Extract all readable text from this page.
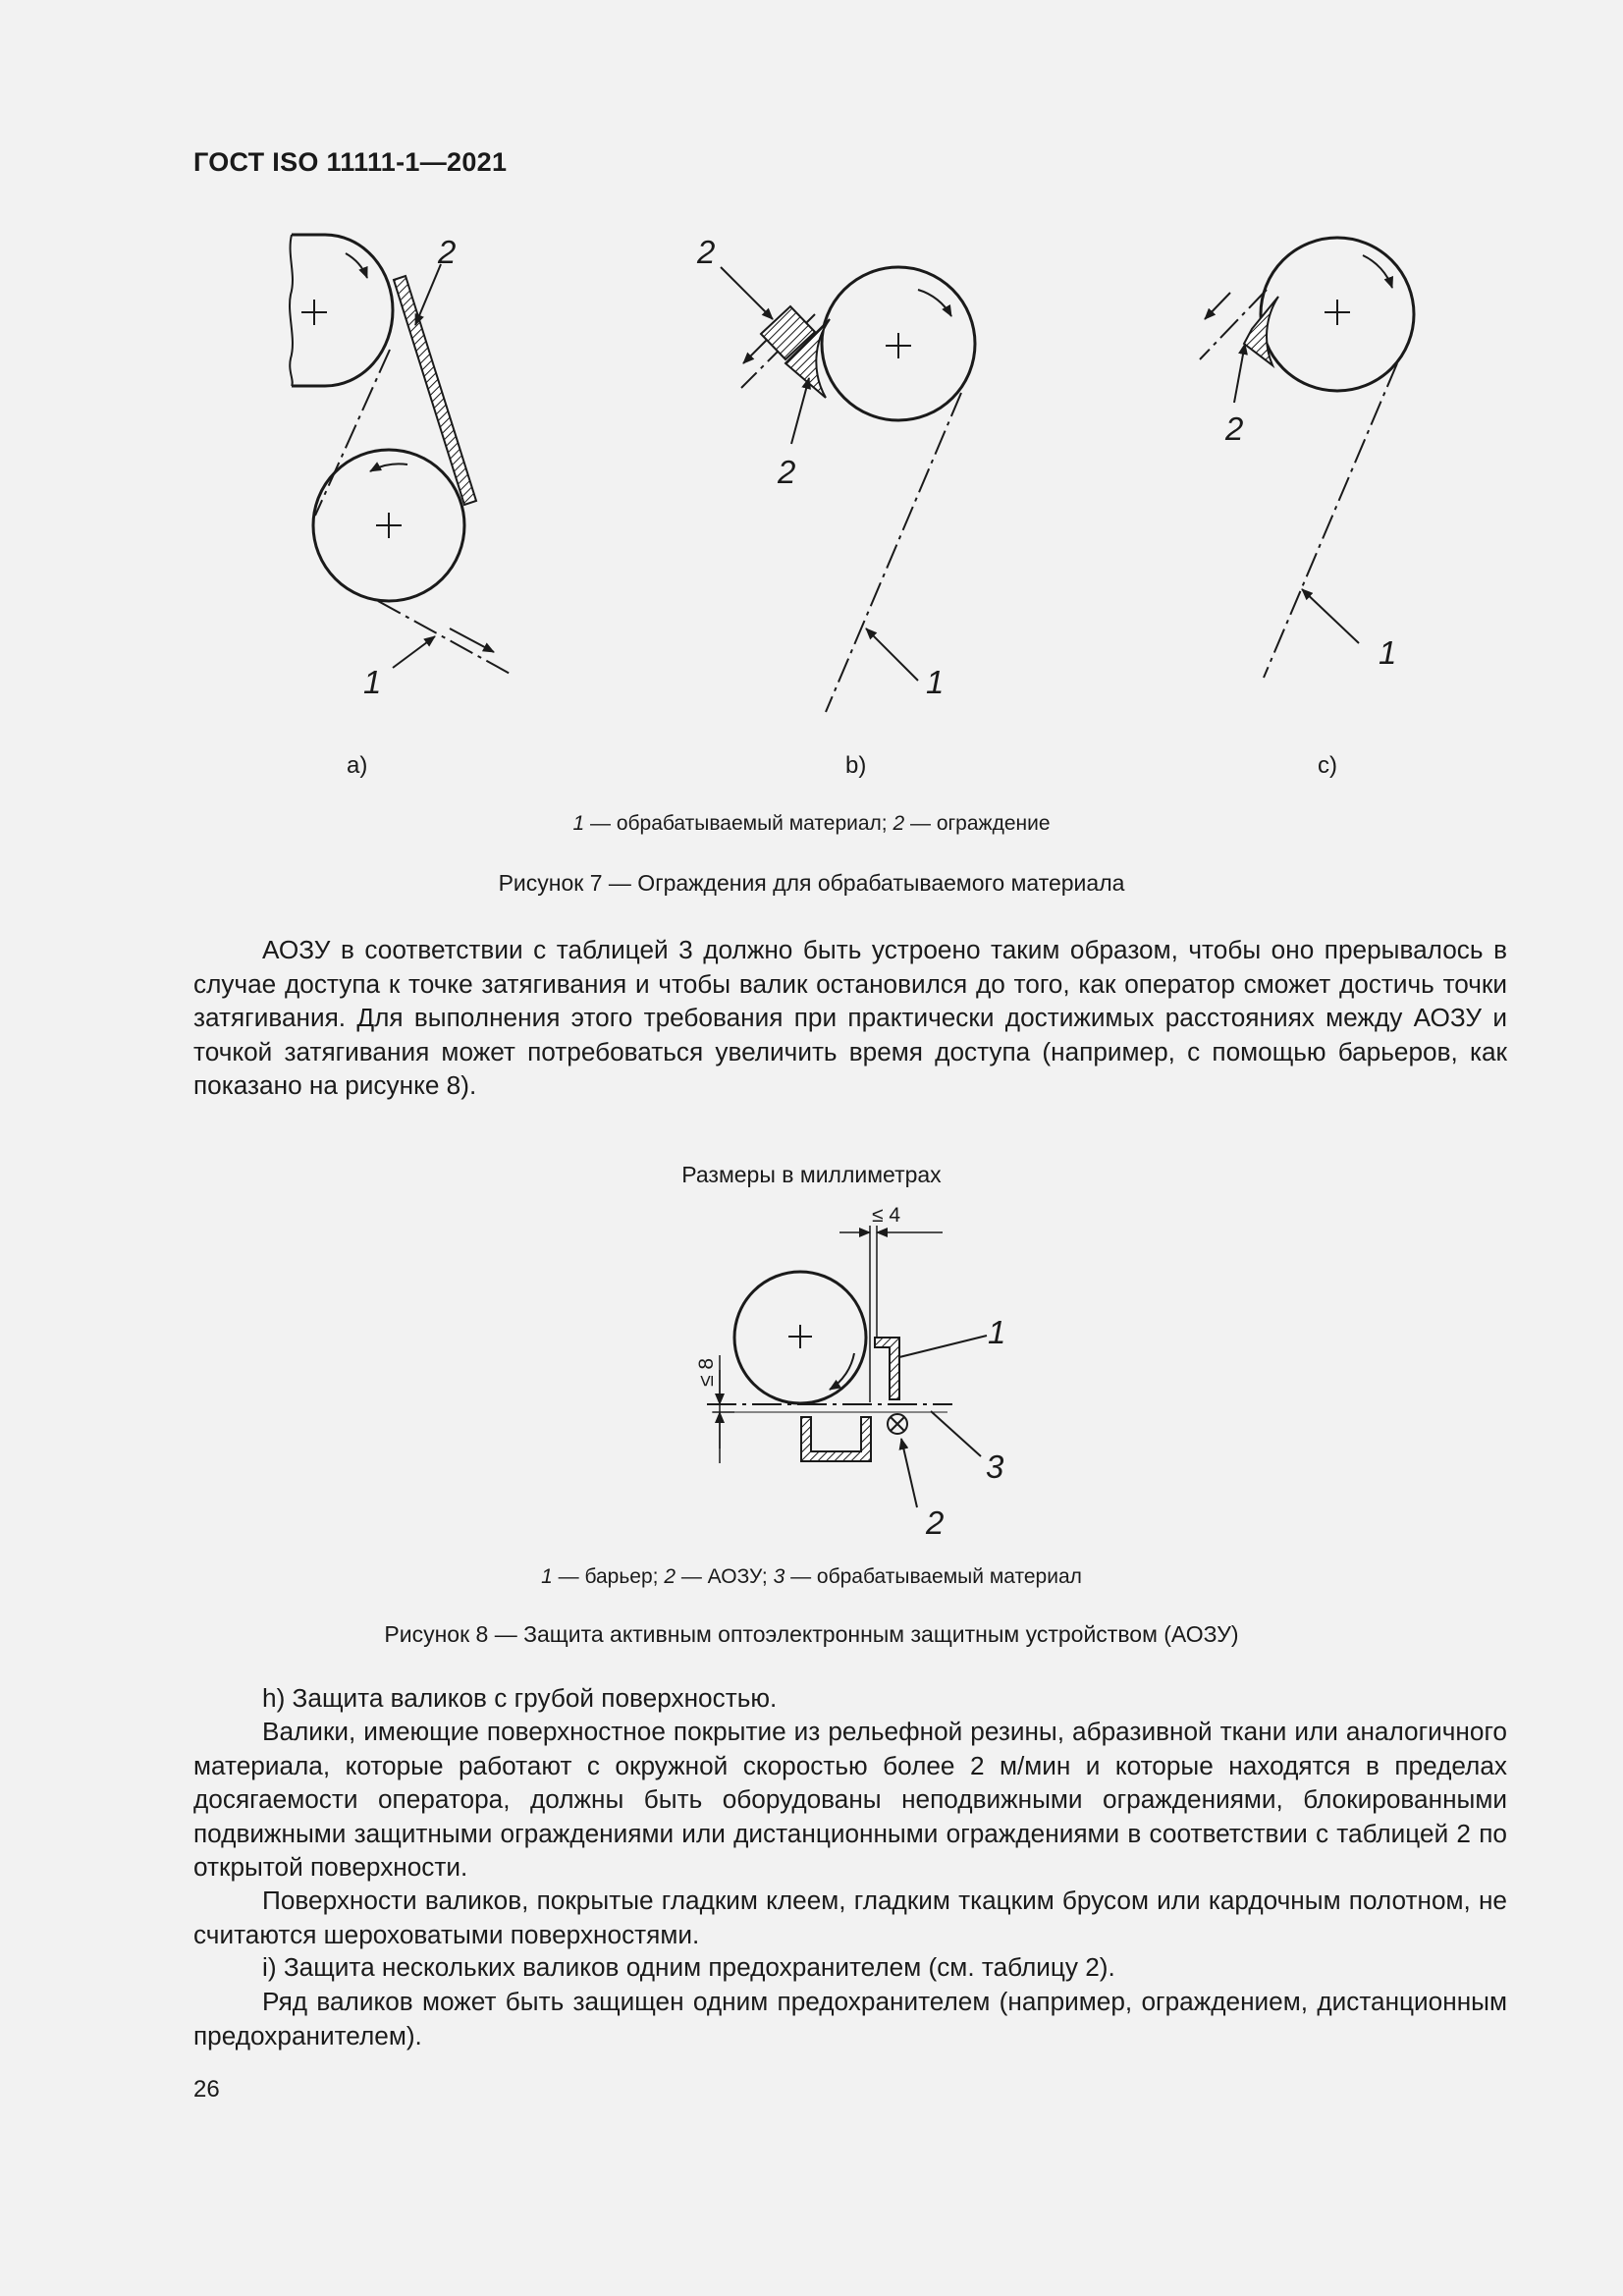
ГОСТ ISO 11111-1—2021
2
1
2
2
1
2
1
a)	b)	c)
1 — обрабатываемый материал; 2 — ограждение
Рисунок 7 — Ограждения для обрабатываемого материала

АОЗУ в соответствии с таблицей 3 должно быть устроено таким образом, чтобы оно прерывалось в случае доступа к точке затягивания и чтобы валик остановился до того, как оператор сможет достичь точки затягивания. Для выполнения этого требования при практически достижимых расстояниях между АОЗУ и точкой затягивания может потребоваться увеличить время доступа (например, с помощью барьеров, как показано на рисунке 8).

Размеры в миллиметрах
≤ 4
≤ 8
1
3
2
1 — барьер; 2 — АОЗУ; 3 — обрабатываемый материал
Рисунок 8 — Защита активным оптоэлектронным защитным устройством (АОЗУ)

h) Защита валиков с грубой поверхностью.

Валики, имеющие поверхностное покрытие из рельефной резины, абразивной ткани или аналогичного материала, которые работают с окружной скоростью более 2 м/мин и которые находятся в пределах досягаемости оператора, должны быть оборудованы неподвижными ограждениями, блокированными подвижными защитными ограждениями или дистанционными ограждениями в соответствии с таблицей 2 по открытой поверхности.

Поверхности валиков, покрытые гладким клеем, гладким ткацким брусом или кардочным полотном, не считаются шероховатыми поверхностями.

i) Защита нескольких валиков одним предохранителем (см. таблицу 2).

Ряд валиков может быть защищен одним предохранителем (например, ограждением, дистанционным предохранителем).

26
